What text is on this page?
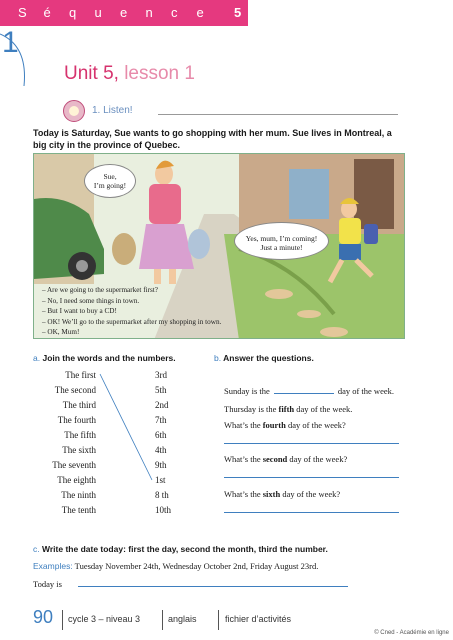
S	é	q	u	e	n	c	e	5
1
Unit 5, lesson 1
1. Listen!
Today is Saturday, Sue wants to go shopping with her mum. Sue lives in Montreal, a big city in the province of Quebec.
Sue,
I’m going!
Yes, mum, I’m coming!
Just a minute!
– Are we going to the supermarket first?
– No, I need some things in town.
– But I want to buy a CD!
– OK! We’ll go to the supermarket after my shopping in town.
– OK, Mum!
a. Join the words and the numbers.
The first
The second
The third
The fourth
The fifth
The sixth
The seventh
The eighth
The ninth
The tenth
3rd
5th
2nd
7th
6th
4th
9th
1st
8 th
10th
b. Answer the questions.
Sunday is the	day of the week.
Thursday is the fifth day of the week.
What’s the fourth day of the week?
What’s the second day of the week?
What’s the sixth day of the week?
c. Write the date today: first the day, second the month, third the number.
Examples: Tuesday November 24th, Wednesday October 2nd, Friday August 23rd.
Today is
90 cycle 3 – niveau 3	anglais	fichier d’activités
© Cned - Académie en ligne
